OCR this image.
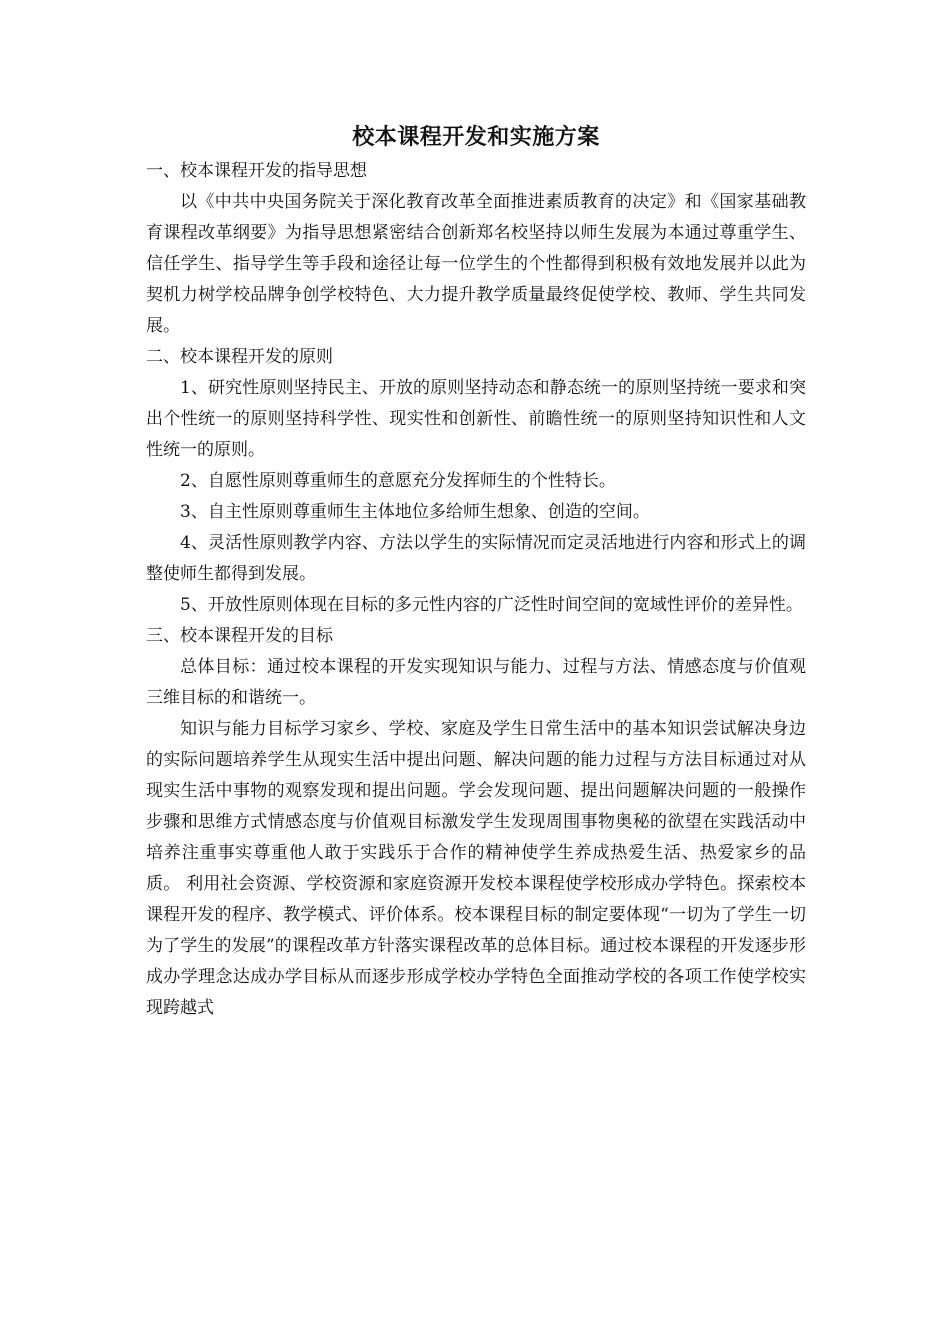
校本课程开发和实施方案
一、校本课程开发的指导思想

以《中共中央国务院关于深化教育改革全面推进素质教育的决定》和《国家基础教育课程改革纲要》为指导思想紧密结合创新郑名校坚持以师生发展为本通过尊重学生、信任学生、指导学生等手段和途径让每一位学生的个性都得到积极有效地发展并以此为契机力树学校品牌争创学校特色、大力提升教学质量最终促使学校、教师、学生共同发展。

二、校本课程开发的原则

1、研究性原则坚持民主、开放的原则坚持动态和静态统一的原则坚持统一要求和突出个性统一的原则坚持科学性、现实性和创新性、前瞻性统一的原则坚持知识性和人文性统一的原则。

2、自愿性原则尊重师生的意愿充分发挥师生的个性特长。

3、自主性原则尊重师生主体地位多给师生想象、创造的空间。

4、灵活性原则教学内容、方法以学生的实际情况而定灵活地进行内容和形式上的调整使师生都得到发展。

5、开放性原则体现在目标的多元性内容的广泛性时间空间的宽域性评价的差异性。

三、校本课程开发的目标

总体目标：通过校本课程的开发实现知识与能力、过程与方法、情感态度与价值观三维目标的和谐统一。

知识与能力目标学习家乡、学校、家庭及学生日常生活中的基本知识尝试解决身边的实际问题培养学生从现实生活中提出问题、解决问题的能力过程与方法目标通过对从现实生活中事物的观察发现和提出问题。学会发现问题、提出问题解决问题的一般操作步骤和思维方式情感态度与价值观目标激发学生发现周围事物奥秘的欲望在实践活动中培养注重事实尊重他人敢于实践乐于合作的精神使学生养成热爱生活、热爱家乡的品质。 利用社会资源、学校资源和家庭资源开发校本课程使学校形成办学特色。探索校本课程开发的程序、教学模式、评价体系。校本课程目标的制定要体现“一切为了学生一切为了学生的发展”的课程改革方针落实课程改革的总体目标。通过校本课程的开发逐步形成办学理念达成办学目标从而逐步形成学校办学特色全面推动学校的各项工作使学校实现跨越式
